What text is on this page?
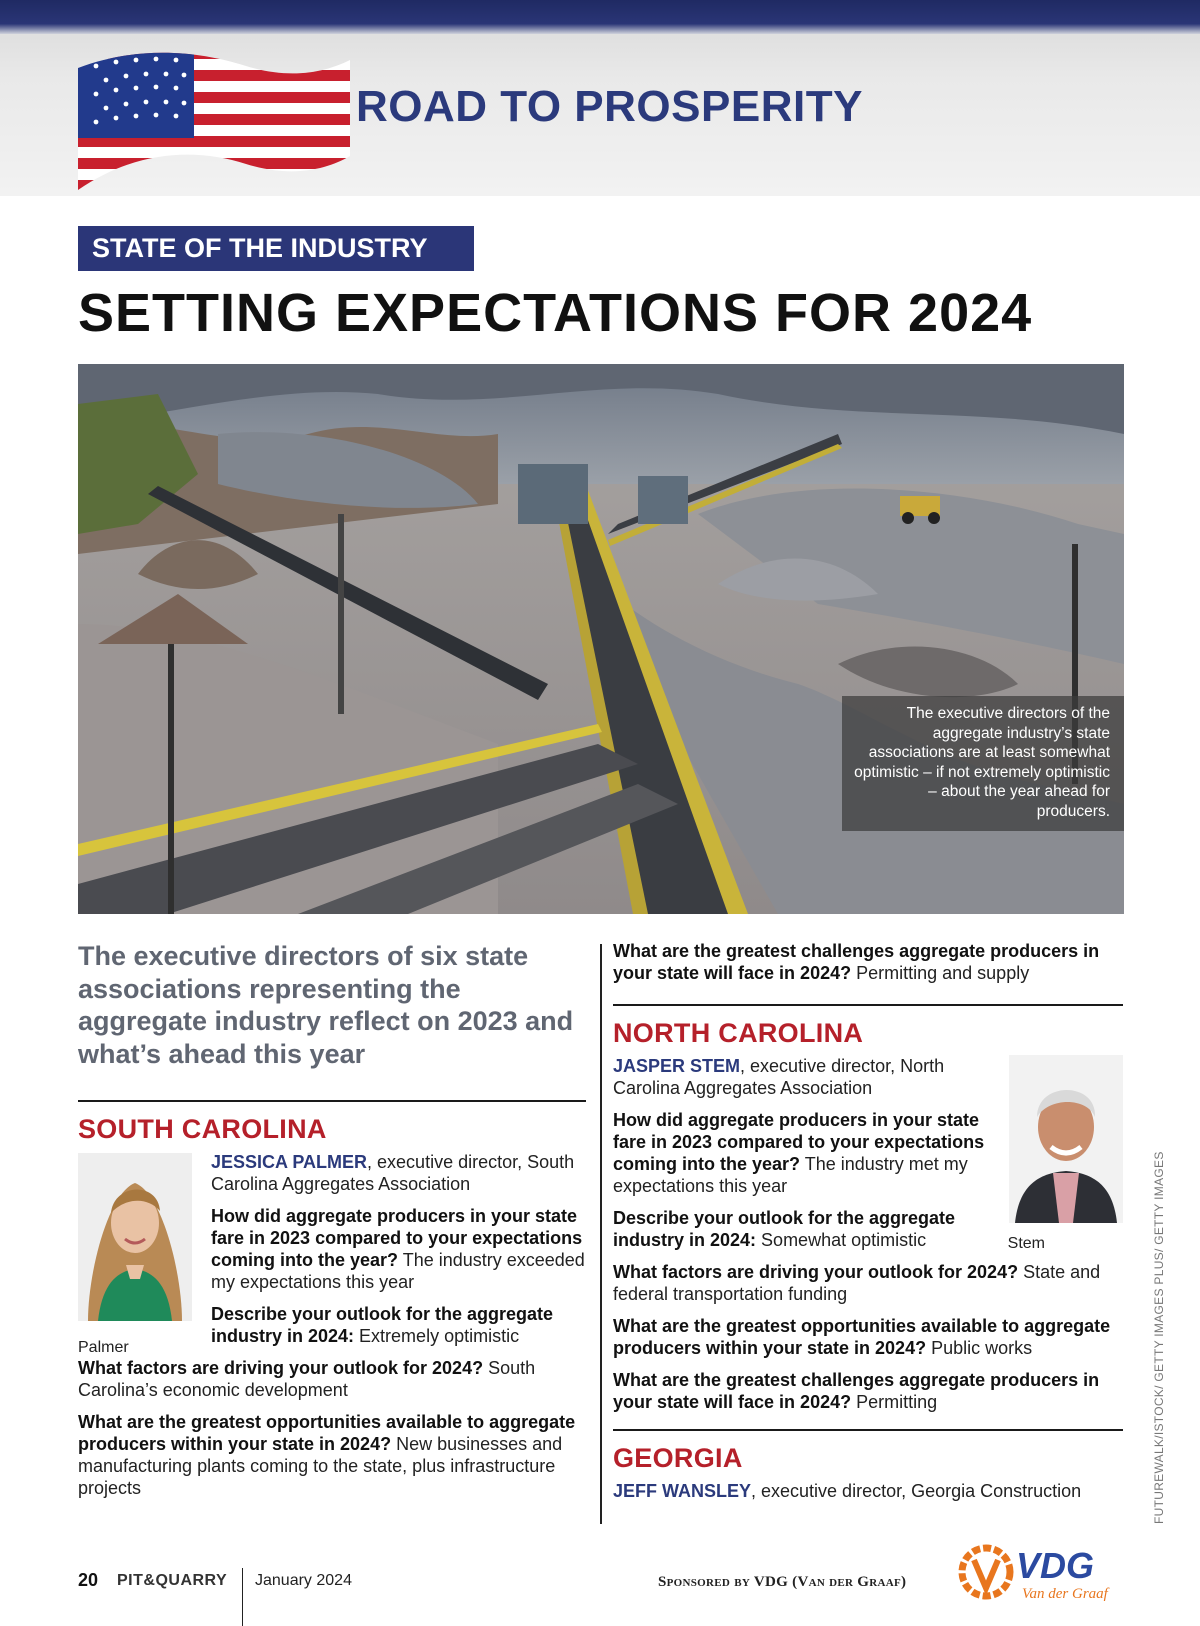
ROAD TO PROSPERITY
STATE OF THE INDUSTRY
SETTING EXPECTATIONS FOR 2024
The executive directors of the aggregate industry’s state associations are at least somewhat optimistic – if not extremely optimistic – about the year ahead for producers.
The executive directors of six state associations representing the aggregate industry reflect on 2023 and what’s ahead this year
SOUTH CAROLINA
JESSICA PALMER, executive director, South Carolina Aggregates Association
How did aggregate producers in your state fare in 2023 compared to your expectations coming into the year? The industry exceeded my expectations this year
Palmer
Describe your outlook for the aggregate industry in 2024: Extremely optimistic
What factors are driving your outlook for 2024? South Carolina’s economic development
What are the greatest opportunities available to aggregate producers within your state in 2024? New businesses and manufacturing plants coming to the state, plus infrastructure projects
What are the greatest challenges aggregate producers in your state will face in 2024? Permitting and supply
NORTH CAROLINA
JASPER STEM, executive director, North Carolina Aggregates Association
How did aggregate producers in your state fare in 2023 compared to your expectations coming into the year? The industry met my expectations this year
Describe your outlook for the aggregate industry in 2024: Somewhat optimistic	Stem
What factors are driving your outlook for 2024? State and federal transportation funding
What are the greatest opportunities available to aggregate producers within your state in 2024? Public works
What are the greatest challenges aggregate producers in your state will face in 2024? Permitting
GEORGIA
JEFF WANSLEY, executive director, Georgia Construction	FUTUREWALK/ISTOCK/ GETTY IMAGES PLUS/ GETTY IMAGES
20 PIT&QUARRY January 2024	Sponsored by VDG (Van der Graaf)	VDG
Van der Graaf
